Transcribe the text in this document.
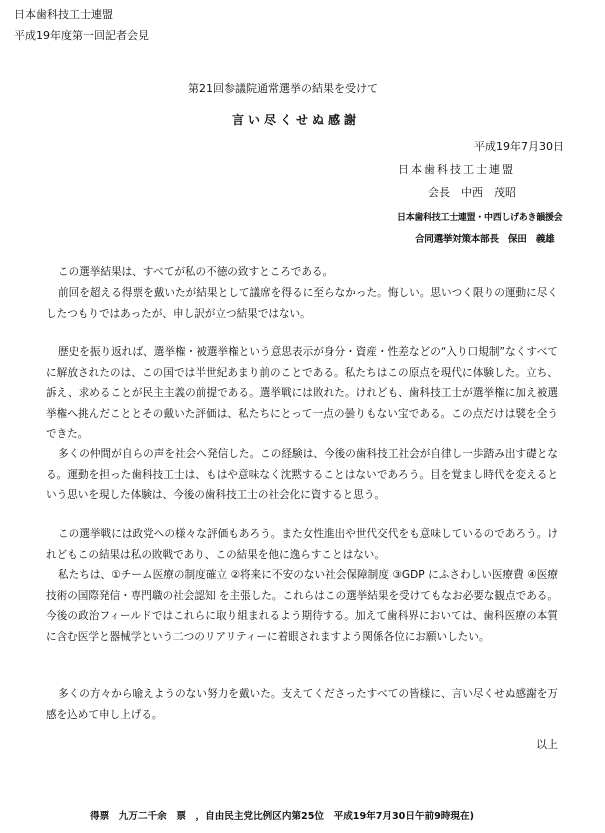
日本歯科技工士連盟
平成19年度第一回記者会見
第21回参議院通常選挙の結果を受けて
言い尽くせぬ感謝
平成19年7月30日
日本歯科技工士連盟
会長　中西　茂昭
日本歯科技工士連盟・中西しげあき韻援会
合同選挙対策本部長　保田　義雄
この選挙結果は、すべてが私の不徳の致すところである。
前回を超える得票を戴いたが結果として議席を得るに至らなかった。悔しい。思いつく限りの運動に尽くしたつもりではあったが、申し訳が立つ結果ではない。
歴史を振り返れば、選挙権・被選挙権という意思表示が身分・資産・性差などの“入り口規制”なくすべてに解放されたのは、この国では半世紀あまり前のことである。私たちはこの原点を現代に体験した。立ち、訴え、求めることが民主主義の前提である。選挙戦には敗れた。けれども、歯科技工士が選挙権に加え被選挙権へ挑んだこととその戴いた評価は、私たちにとって一点の曇りもない宝である。この点だけは襞を全うできた。
多くの仲間が自らの声を社会へ発信した。この経験は、今後の歯科技工社会が自律し一歩踏み出す礎となる。運動を担った歯科技工士は、もはや意味なく沈黙することはないであろう。目を覚まし時代を変えるという思いを現した体験は、今後の歯科技工士の社会化に資すると思う。
この選挙戦には政党への様々な評価もあろう。また女性進出や世代交代をも意味しているのであろう。けれどもこの結果は私の敗戦であり、この結果を他に逸らすことはない。
私たちは、①チーム医療の制度確立 ②将来に不安のない社会保障制度 ③GDP にふさわしい医療費 ④医療技術の国際発信・専門職の社会認知 を主張した。これらはこの選挙結果を受けてもなお必要な観点である。今後の政治フィールドではこれらに取り組まれるよう期待する。加えて歯科界においては、歯科医療の本質に含む医学と器械学という二つのリアリティーに着眼されますよう関係各位にお願いしたい。
多くの方々から喩えようのない努力を戴いた。支えてくださったすべての皆様に、言い尽くせぬ感謝を万感を込めて申し上げる。
以上
得票　九万二千余　票　，自由民主党比例区内第25位　平成19年7月30日午前9時現在)
